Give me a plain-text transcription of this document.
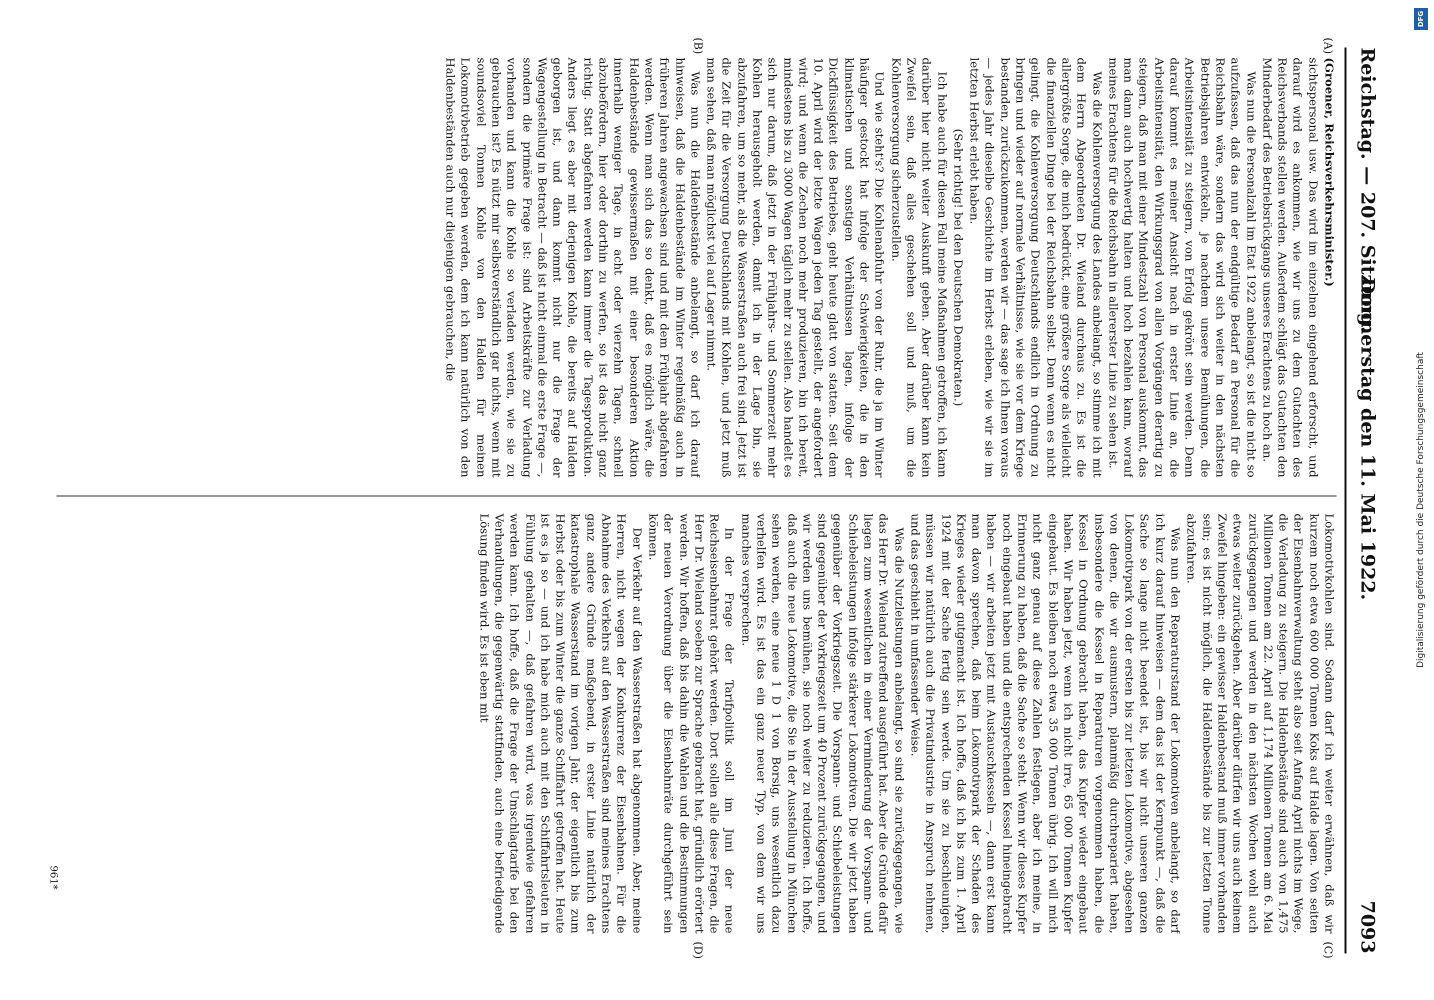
Reichstag. — 207. Sitzung.
Donnerstag den 11. Mai 1922.
7093
(A)
(B)
(C)
(D)

(Groener, Reichsverkehrsminister.)

sichtspersonal usw. Das wird im einzelnen eingehend erforscht, und darauf wird es ankommen, wie wir uns zu dem Gutachten des Reichsverbands stellen werden. Außerdem schlägt das Gutachten den Minderbedarf des Betriebsrückgangs unseres Erachtens zu hoch an.

Was nun die Personalzahl im Etat 1922 anbelangt, so ist die nicht so aufzufassen, daß das nun der endgültige Bedarf an Personal für die Reichsbahn wäre, sondern das wird sich weiter in den nächsten Betriebsjahren entwickeln, je nachdem unsere Bemühungen, die Arbeitsintensität zu steigern, von Erfolg gekrönt sein werden. Denn darauf kommt es meiner Ansicht nach in erster Linie an, die Arbeitsintensität, den Wirkungsgrad von allen Vorgängen derartig zu steigern, daß man mit einer Mindestzahl von Personal auskommt, das man dann auch hochwertig halten und hoch bezahlen kann, worauf meines Erachtens für die Reichsbahn in allererster Linie zu sehen ist.

Was die Kohlenversorgung des Landes anbelangt, so stimme ich mit dem Herrn Abgeordneten Dr. Wieland durchaus zu. Es ist die allergrößte Sorge, die mich bedrückt, eine größere Sorge als vielleicht die finanziellen Dinge bei der Reichsbahn selbst. Denn wenn es nicht gelingt, die Kohlenversorgung Deutschlands endlich in Ordnung zu bringen und wieder auf normale Verhältnisse, wie sie vor dem Kriege bestanden, zurückzukommen, werden wir — das sage ich Ihnen voraus — jedes Jahr dieselbe Geschichte im Herbst erleben, wie wir sie im letzten Herbst erlebt haben.

(Sehr richtig! bei den Deutschen Demokraten.)

Ich habe auch für diesen Fall meine Maßnahmen getroffen, ich kann darüber hier nicht weiter Auskunft geben. Aber darüber kann kein Zweifel sein, daß alles geschehen soll und muß, um die Kohlenversorgung sicherzustellen.

Und wie steht's? Die Kohlenabfuhr von der Ruhr, die ja im Winter häufiger gestockt hat infolge der Schwierigkeiten, die in den klimatischen und sonstigen Verhältnissen lagen, infolge der Dickflüssigkeit des Betriebes, geht heute glatt von statten. Seit dem 10. April wird der letzte Wagen jeden Tag gestellt, der angefordert wird; und wenn die Zechen noch mehr produzieren, bin ich bereit, mindestens bis zu 3000 Wagen täglich mehr zu stellen. Also handelt es sich nur darum, daß jetzt in der Frühjahrs- und Sommerzeit mehr Kohlen herausgeholt werden, damit ich in der Lage bin, sie abzufahren, um so mehr, als die Wasserstraßen auch frei sind. Jetzt ist die Zeit für die Versorgung Deutschlands mit Kohlen, und jetzt muß man sehen, daß man möglichst viel auf Lager nimmt.

Was nun die Haldenbestände anbelangt, so darf ich darauf hinweisen, daß die Haldenbestände im Winter regelmäßig auch in früheren Jahren angewachsen sind und mit dem Frühjahr abgefahren werden. Wenn man sich das so denkt, daß es möglich wäre, die Haldenbestände gewissermaßen mit einer besonderen Aktion innerhalb weniger Tage, in acht oder vierzehn Tagen, schnell abzubefördern, hier oder dorthin zu werfen, so ist das nicht ganz richtig. Statt abgefahren werden kann immer die Tagesproduktion. Anders liegt es aber mit derjenigen Kohle, die bereits auf Halden geborgen ist, und dann kommt nicht nur die Frage der Wagengestellung in Betracht — daß ist nicht einmal die erste Frage —, sondern die primäre Frage ist: sind Arbeitskräfte zur Verladung vorhanden und kann die Kohle so verladen werden, wie sie zu gebrauchen ist? Es nützt mir selbstverständlich gar nichts, wenn mit soundsoviel Tonnen Kohle von den Halden für meinen Lokomotivbetrieb gegeben werden, dem ich kann natürlich von den Haldenbeständen auch nur diejenigen gebrauchen, die

Lokomotivkohlen sind. Sodann darf ich weiter erwähnen, daß wir kurzem noch etwa 600 000 Tonnen Koks auf Halde lagen. Von seiten der Eisenbahnverwaltung steht also seit Anfang April nichts im Wege, die Verladung zu steigern. Die Haldenbestände sind auch von 1,475 Millionen Tonnen am 22. April auf 1,174 Millionen Tonnen am 6. Mai zurückgegangen und werden in den nächsten Wochen wohl auch etwas weiter zurückgehen. Aber darüber dürfen wir uns auch keinem Zweifel hingeben: ein gewisser Haldenbestand muß immer vorhanden sein; es ist nicht möglich, die Haldenbestände bis zur letzten Tonne abzufahren.

Was nun den Reparaturstand der Lokomotiven anbelangt, so darf ich kurz darauf hinweisen — dem das ist der Kernpunkt —, daß die Sache so lange nicht beendet ist, bis wir nicht unseren ganzen Lokomotivpark von der ersten bis zur letzten Lokomotive, abgesehen von denen, die wir ausmustern, planmäßig durchrepariert haben, insbesondere die Kessel in Reparaturen vorgenommen haben, die Kessel in Ordnung gebracht haben, das Kupfer wieder eingebaut haben. Wir haben jetzt, wenn ich nicht irre, 65 000 Tonnen Kupfer eingebaut. Es bleiben noch etwa 35 000 Tonnen übrig. Ich will mich nicht ganz genau auf diese Zahlen festlegen, aber ich meine, in Erinnerung zu haben, daß die Sache so steht. Wenn wir dieses Kupfer noch eingebaut haben und die entsprechenden Kessel hineingebracht haben — wir arbeiten jetzt mit Austauschkesseln —, dann erst kann man davon sprechen, daß beim Lokomotivpark der Schaden des Krieges wieder gutgemacht ist. Ich hoffe, daß ich bis zum 1. April 1924 mit der Sache fertig sein werde. Um sie zu beschleunigen, müssen wir natürlich auch die Privatindustrie in Anspruch nehmen, und das geschieht in umfassender Weise.

Was die Nutzleistungen anbelangt, so sind sie zurückgegangen, wie das Herr Dr. Wieland zutreffend ausgeführt hat. Aber die Gründe dafür liegen zum wesentlichen in einer Verminderung der Vorspann- und Schiebeleistungen infolge stärkerer Lokomotiven. Die wir jetzt haben gegenüber der Vorkriegszeit. Die Vorspann- und Schiebeleistungen sind gegenüber der Vorkriegszeit um 40 Prozent zurückgegangen, und wir werden uns bemühen, sie noch weiter zu reduzieren. Ich hoffe, daß auch die neue Lokomotive, die Sie in der Ausstellung in München sehen werden, eine neue 1 D 1 von Borsig, uns wesentlich dazu verhelfen wird. Es ist das ein ganz neuer Typ, von dem wir uns manches versprechen.

In der Frage der Tarifpolitik soll im Juni der neue Reichseisenbahnrat gehört werden. Dort sollen alle diese Fragen, die Herr Dr. Wieland soeben zur Sprache gebracht hat, gründlich erörtert werden. Wir hoffen, daß bis dahin die Wahlen und die Bestimmungen der neuen Verordnung über die Eisenbahnräte durchgeführt sein können.

Der Verkehr auf den Wasserstraßen hat abgenommen. Aber, meine Herren, nicht wegen der Konkurrenz der Eisenbahnen. Für die Abnahme des Verkehrs auf den Wasserstraßen sind meines Erachtens ganz andere Gründe maßgebend, in erster Linie natürlich der katastrophale Wasserstand im vorigen Jahr, der eigentlich bis zum Herbst oder bis zum Winter die ganze Schiffahrt getroffen hat. Heute ist es ja so — und ich habe mich auch mit den Schiffahrtsleuten in Fühlung gehalten —, daß gefahren wird, was irgendwie gefahren werden kann. Ich hoffe, daß die Frage der Umschlagtarife bei den Verhandlungen, die gegenwärtig stattfinden, auch eine befriedigende Lösung finden wird. Es ist eben mit

961*
DFG
Digitalisierung gefördert durch die Deutsche Forschungsgemeinschaft
